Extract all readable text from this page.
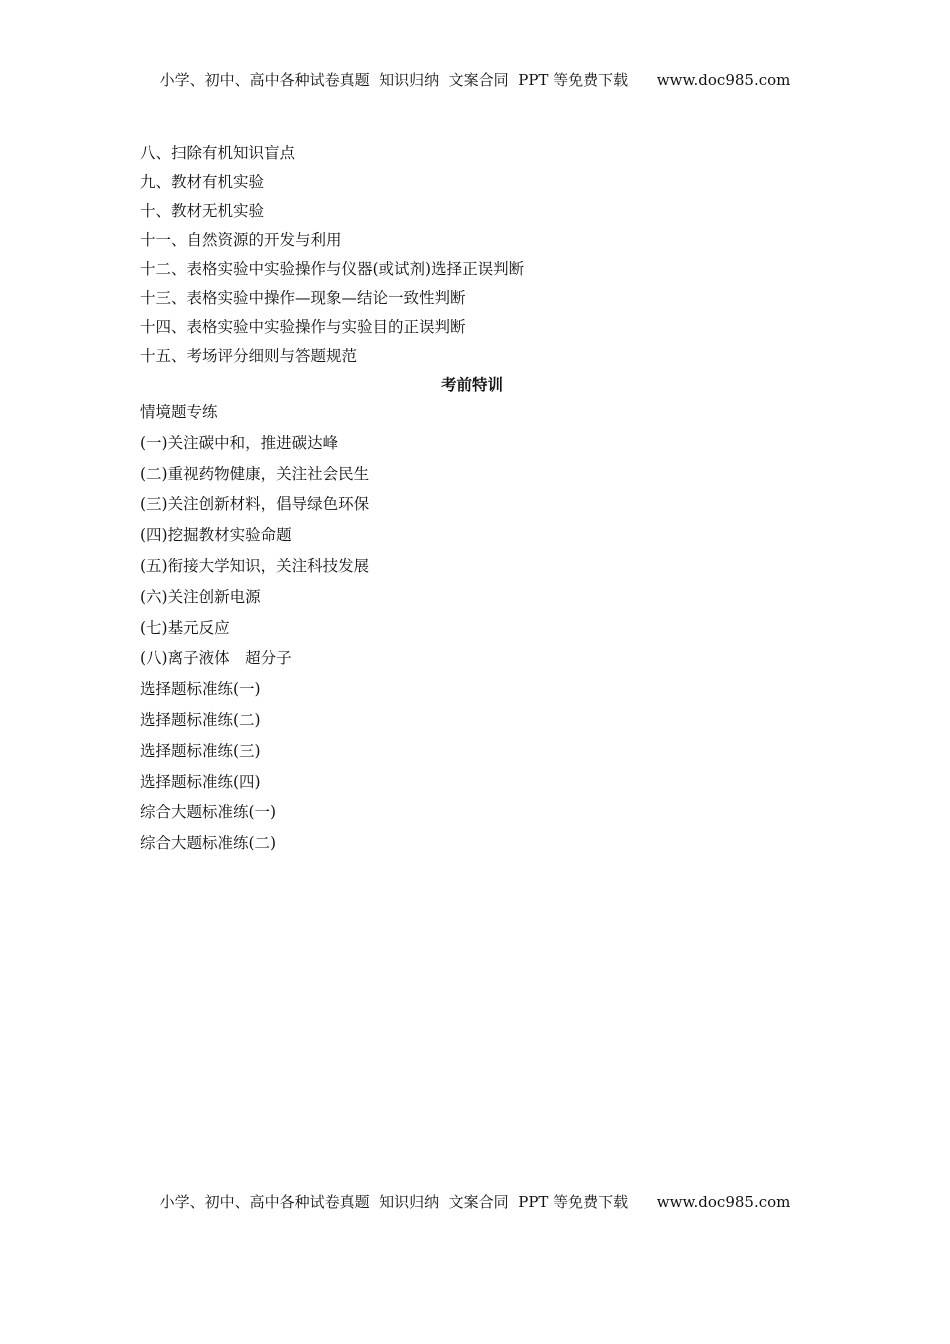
小学、初中、高中各种试卷真题  知识归纳  文案合同  PPT 等免费下载      www.doc985.com
八、扫除有机知识盲点
九、教材有机实验
十、教材无机实验
十一、自然资源的开发与利用
十二、表格实验中实验操作与仪器(或试剂)选择正误判断
十三、表格实验中操作—现象—结论一致性判断
十四、表格实验中实验操作与实验目的正误判断
十五、考场评分细则与答题规范
考前特训
情境题专练
(一)关注碳中和，推进碳达峰
(二)重视药物健康，关注社会民生
(三)关注创新材料，倡导绿色环保
(四)挖掘教材实验命题
(五)衔接大学知识，关注科技发展
(六)关注创新电源
(七)基元反应
(八)离子液体　超分子
选择题标准练(一)
选择题标准练(二)
选择题标准练(三)
选择题标准练(四)
综合大题标准练(一)
综合大题标准练(二)
小学、初中、高中各种试卷真题  知识归纳  文案合同  PPT 等免费下载      www.doc985.com
